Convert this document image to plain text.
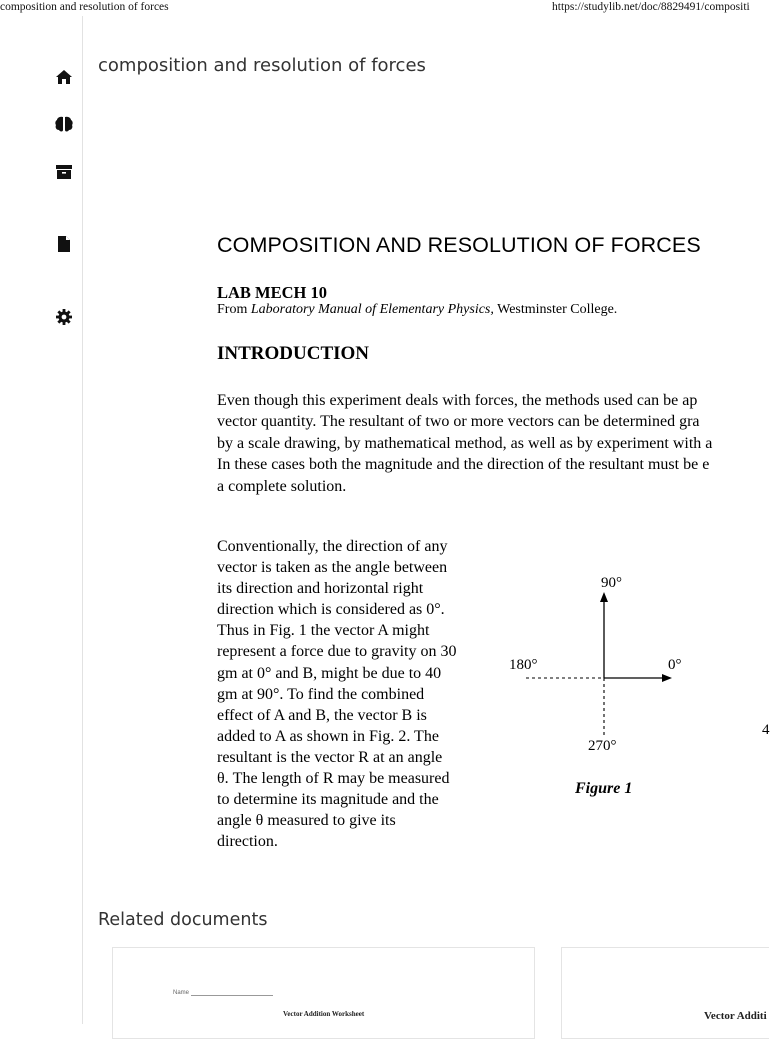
composition and resolution of forces	https://studylib.net/doc/8829491/compositi
composition and resolution of forces
COMPOSITION AND RESOLUTION OF FORCES
LAB MECH 10
From Laboratory Manual of Elementary Physics, Westminster College.
INTRODUCTION
Even though this experiment deals with forces, the methods used can be ap
vector quantity. The resultant of two or more vectors can be determined gra
by a scale drawing, by mathematical method, as well as by experiment with a
In these cases both the magnitude and the direction of the resultant must be e
a complete solution.
Conventionally, the direction of any
vector is taken as the angle between
its direction and horizontal right
direction which is considered as 0°.
Thus in Fig. 1 the vector A might
represent a force due to gravity on 30
gm at 0° and B, might be due to 40
gm at 90°. To find the combined
effect of A and B, the vector B is
added to A as shown in Fig. 2. The
resultant is the vector R at an angle
θ. The length of R may be measured
to determine its magnitude and the
angle θ measured to give its
direction.
90°
180°	0°
270°
Figure 1
4
Related documents
Name
Vector Addition Worksheet	Vector Additi
